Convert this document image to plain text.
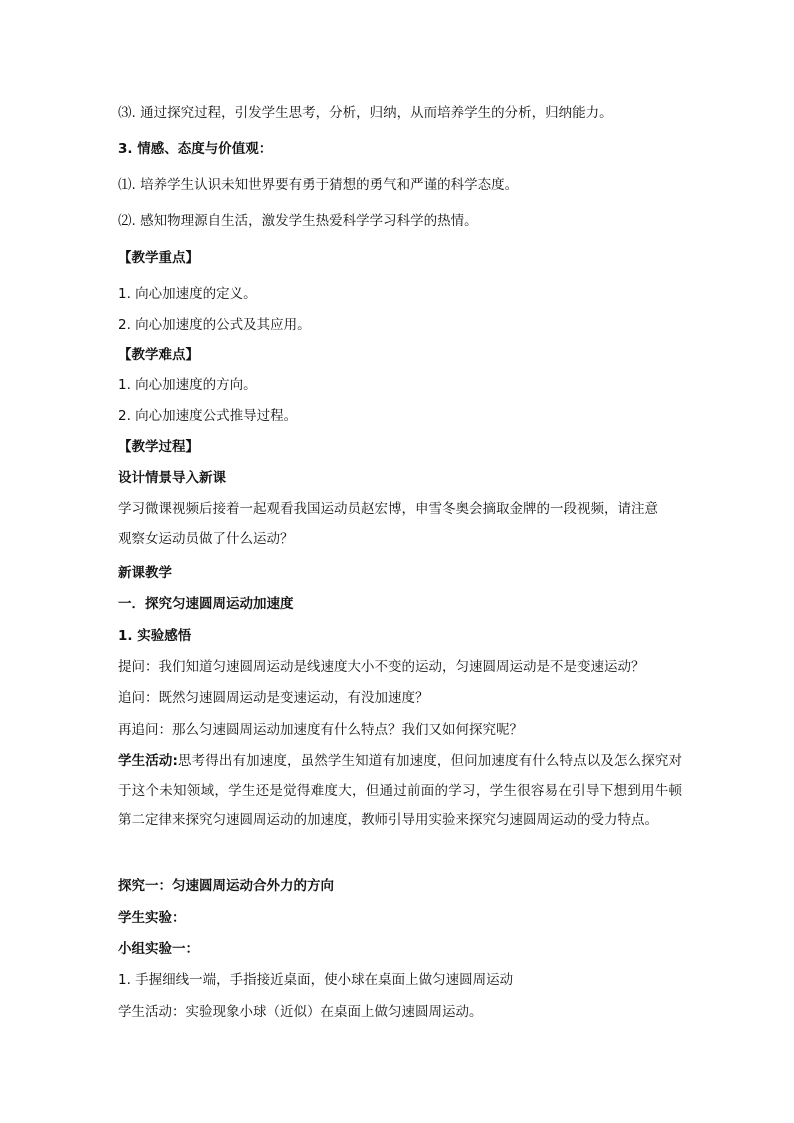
⑶. 通过探究过程，引发学生思考，分析，归纳，从而培养学生的分析，归纳能力。
3. 情感、态度与价值观：
⑴. 培养学生认识未知世界要有勇于猜想的勇气和严谨的科学态度。
⑵. 感知物理源自生活，激发学生热爱科学学习科学的热情。
【教学重点】
1. 向心加速度的定义。
2. 向心加速度的公式及其应用。
【教学难点】
1. 向心加速度的方向。
2. 向心加速度公式推导过程。
【教学过程】
设计情景导入新课
学习微课视频后接着一起观看我国运动员赵宏博，申雪冬奥会摘取金牌的一段视频，请注意
观察女运动员做了什么运动？
新课教学
一．探究匀速圆周运动加速度
1. 实验感悟
提问：我们知道匀速圆周运动是线速度大小不变的运动，匀速圆周运动是不是变速运动？
追问：既然匀速圆周运动是变速运动，有没加速度？
再追问：那么匀速圆周运动加速度有什么特点？我们又如何探究呢？
学生活动:思考得出有加速度，虽然学生知道有加速度，但问加速度有什么特点以及怎么探究对于这个未知领域，学生还是觉得难度大，但通过前面的学习，学生很容易在引导下想到用牛顿第二定律来探究匀速圆周运动的加速度，教师引导用实验来探究匀速圆周运动的受力特点。
探究一：匀速圆周运动合外力的方向
学生实验：
小组实验一：
1. 手握细线一端，手指接近桌面，使小球在桌面上做匀速圆周运动
学生活动：实验现象小球（近似）在桌面上做匀速圆周运动。
